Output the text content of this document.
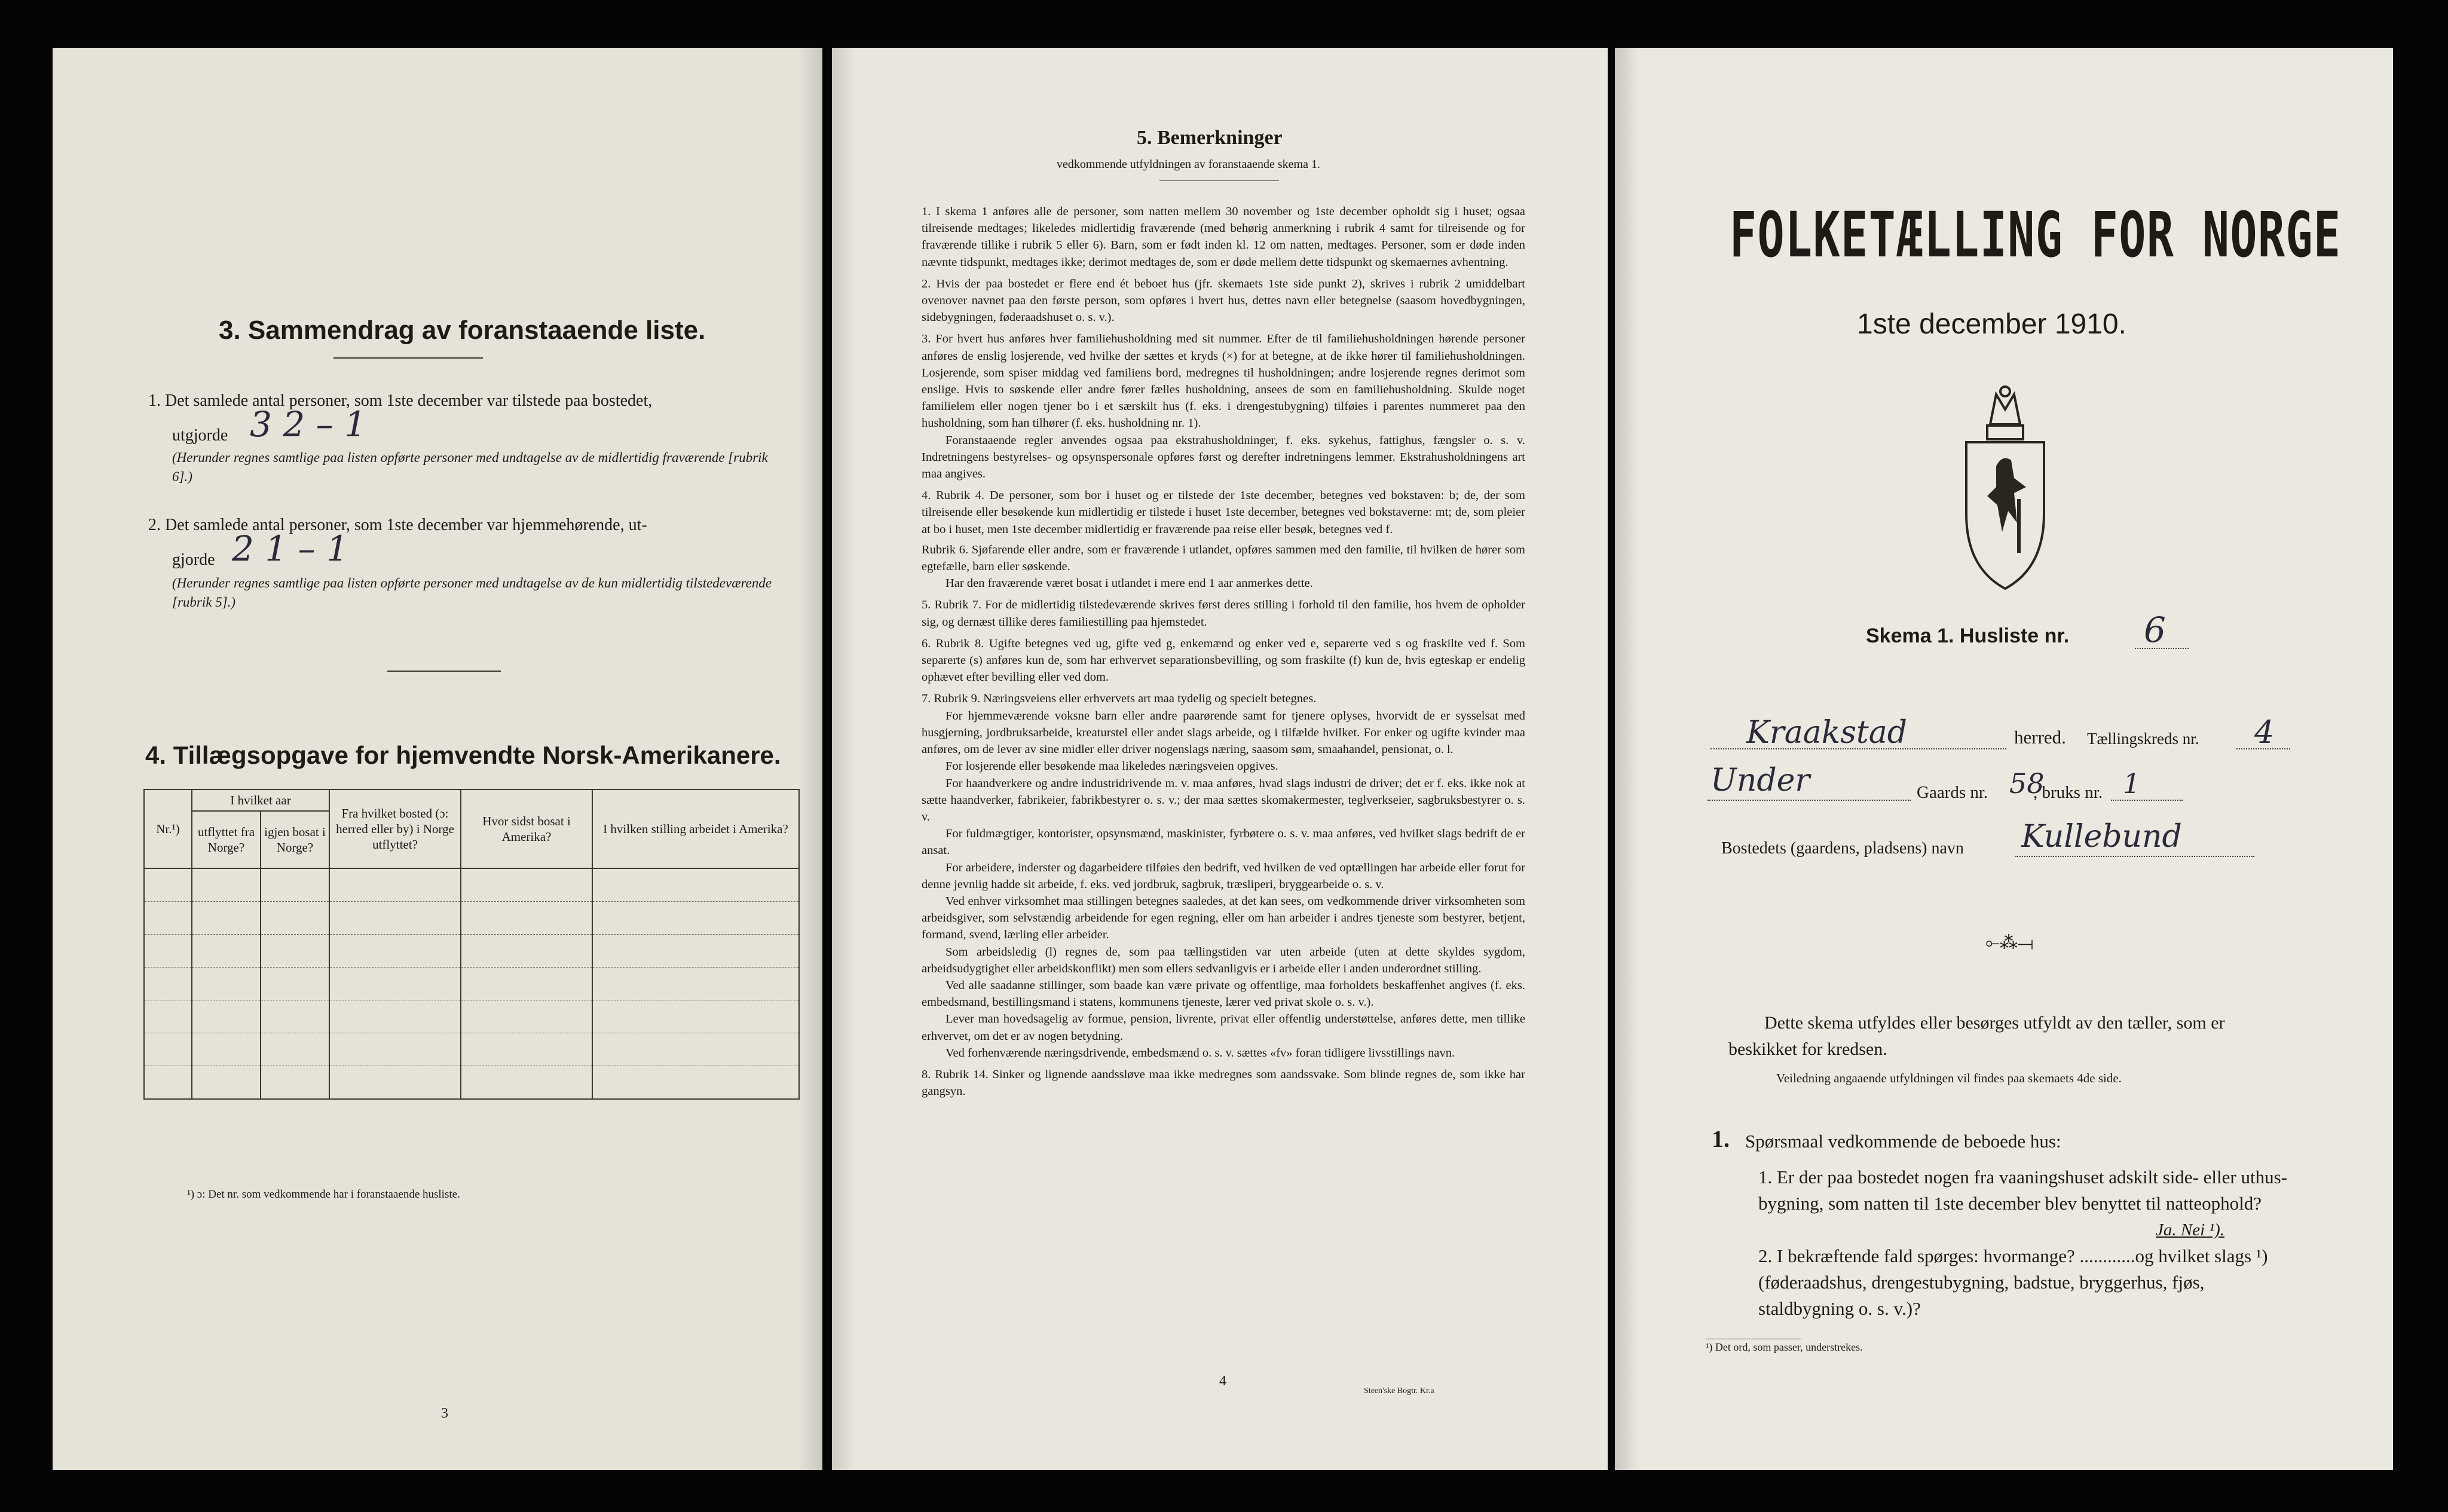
3. Sammendrag av foranstaaende liste.
1. Det samlede antal personer, som 1ste december var tilstede paa bostedet,
utgjorde 3 2 – 1
(Herunder regnes samtlige paa listen opførte personer med undtagelse av de midlertidig fraværende [rubrik 6].)
2. Det samlede antal personer, som 1ste december var hjemmehørende, ut-
gjorde 2 1 – 1
(Herunder regnes samtlige paa listen opførte personer med undtagelse av de kun midlertidig tilstedeværende [rubrik 5].)
4. Tillægsopgave for hjemvendte Norsk-Amerikanere.
Nr.¹)	I hvilket aar		Fra hvilket bosted (ɔ: herred eller by) i Norge utflyttet?	Hvor sidst bosat i Amerika?	I hvilken stilling arbeidet i Amerika?
	utflyttet fra Norge?	igjen bosat i Norge?			

¹) ɔ: Det nr. som vedkommende har i foranstaaende husliste.
3
5. Bemerkninger
vedkommende utfyldningen av foranstaaende skema 1.

1. I skema 1 anføres alle de personer, som natten mellem 30 november og 1ste december opholdt sig i huset; ogsaa tilreisende medtages; likeledes midlertidig fraværende (med behørig anmerkning i rubrik 4 samt for tilreisende og for fraværende tillike i rubrik 5 eller 6). Barn, som er født inden kl. 12 om natten, medtages. Personer, som er døde inden nævnte tidspunkt, medtages ikke; derimot medtages de, som er døde mellem dette tidspunkt og skemaernes avhentning.

2. Hvis der paa bostedet er flere end ét beboet hus (jfr. skemaets 1ste side punkt 2), skrives i rubrik 2 umiddelbart ovenover navnet paa den første person, som opføres i hvert hus, dettes navn eller betegnelse (saasom hovedbygningen, sidebygningen, føderaadshuset o. s. v.).

3. For hvert hus anføres hver familiehusholdning med sit nummer. Efter de til familiehusholdningen hørende personer anføres de enslig losjerende, ved hvilke der sættes et kryds (×) for at betegne, at de ikke hører til familiehusholdningen. Losjerende, som spiser middag ved familiens bord, medregnes til husholdningen; andre losjerende regnes derimot som enslige. Hvis to søskende eller andre fører fælles husholdning, ansees de som en familiehusholdning. Skulde noget familielem eller nogen tjener bo i et særskilt hus (f. eks. i drengestubygning) tilføies i parentes nummeret paa den husholdning, som han tilhører (f. eks. husholdning nr. 1).

Foranstaaende regler anvendes ogsaa paa ekstrahusholdninger, f. eks. sykehus, fattighus, fængsler o. s. v. Indretningens bestyrelses- og opsynspersonale opføres først og derefter indretningens lemmer. Ekstrahusholdningens art maa angives.

4. Rubrik 4. De personer, som bor i huset og er tilstede der 1ste december, betegnes ved bokstaven: b; de, der som tilreisende eller besøkende kun midlertidig er tilstede i huset 1ste december, betegnes ved bokstaverne: mt; de, som pleier at bo i huset, men 1ste december midlertidig er fraværende paa reise eller besøk, betegnes ved f.

Rubrik 6. Sjøfarende eller andre, som er fraværende i utlandet, opføres sammen med den familie, til hvilken de hører som egtefælle, barn eller søskende.

Har den fraværende været bosat i utlandet i mere end 1 aar anmerkes dette.

5. Rubrik 7. For de midlertidig tilstedeværende skrives først deres stilling i forhold til den familie, hos hvem de opholder sig, og dernæst tillike deres familiestilling paa hjemstedet.

6. Rubrik 8. Ugifte betegnes ved ug, gifte ved g, enkemænd og enker ved e, separerte ved s og fraskilte ved f. Som separerte (s) anføres kun de, som har erhvervet separationsbevilling, og som fraskilte (f) kun de, hvis egteskap er endelig ophævet efter bevilling eller ved dom.

7. Rubrik 9. Næringsveiens eller erhvervets art maa tydelig og specielt betegnes.

For hjemmeværende voksne barn eller andre paarørende samt for tjenere oplyses, hvorvidt de er sysselsat med husgjerning, jordbruksarbeide, kreaturstel eller andet slags arbeide, og i tilfælde hvilket. For enker og ugifte kvinder maa anføres, om de lever av sine midler eller driver nogenslags næring, saasom søm, smaahandel, pensionat, o. l.

For losjerende eller besøkende maa likeledes næringsveien opgives.

For haandverkere og andre industridrivende m. v. maa anføres, hvad slags industri de driver; det er f. eks. ikke nok at sætte haandverker, fabrikeier, fabrikbestyrer o. s. v.; der maa sættes skomakermester, teglverkseier, sagbruksbestyrer o. s. v.

For fuldmægtiger, kontorister, opsynsmænd, maskinister, fyrbøtere o. s. v. maa anføres, ved hvilket slags bedrift de er ansat.

For arbeidere, inderster og dagarbeidere tilføies den bedrift, ved hvilken de ved optællingen har arbeide eller forut for denne jevnlig hadde sit arbeide, f. eks. ved jordbruk, sagbruk, træsliperi, bryggearbeide o. s. v.

Ved enhver virksomhet maa stillingen betegnes saaledes, at det kan sees, om vedkommende driver virksomheten som arbeidsgiver, som selvstændig arbeidende for egen regning, eller om han arbeider i andres tjeneste som bestyrer, betjent, formand, svend, lærling eller arbeider.

Som arbeidsledig (l) regnes de, som paa tællingstiden var uten arbeide (uten at dette skyldes sygdom, arbeidsudygtighet eller arbeidskonflikt) men som ellers sedvanligvis er i arbeide eller i anden underordnet stilling.

Ved alle saadanne stillinger, som baade kan være private og offentlige, maa forholdets beskaffenhet angives (f. eks. embedsmand, bestillingsmand i statens, kommunens tjeneste, lærer ved privat skole o. s. v.).

Lever man hovedsagelig av formue, pension, livrente, privat eller offentlig understøttelse, anføres dette, men tillike erhvervet, om det er av nogen betydning.

Ved forhenværende næringsdrivende, embedsmænd o. s. v. sættes «fv» foran tidligere livsstillings navn.

8. Rubrik 14. Sinker og lignende aandssløve maa ikke medregnes som aandssvake. Som blinde regnes de, som ikke har gangsyn.

4
Steen'ske Bogtr. Kr.a
FOLKETÆLLING FOR NORGE
1ste december 1910.
Skema 1. Husliste nr. 6
Kraakstad	herred. Tællingskreds nr. 4
Under	Gaards nr. 58
, bruks nr. 1
Bostedets (gaardens, pladsens) navn Kullebund
⟜⁂⟞
Dette skema utfyldes eller besørges utfyldt av den tæller, som er beskikket for kredsen.
Veiledning angaaende utfyldningen vil findes paa skemaets 4de side.
1. Spørsmaal vedkommende de beboede hus:
1. Er der paa bostedet nogen fra vaaningshuset adskilt side- eller uthus-bygning, som natten til 1ste december blev benyttet til natteophold?
Ja. Nei ¹).
2. I bekræftende fald spørges: hvormange? ............og hvilket slags ¹) (føderaadshus, drengestubygning, badstue, bryggerhus, fjøs, staldbygning o. s. v.)?
¹) Det ord, som passer, understrekes.
